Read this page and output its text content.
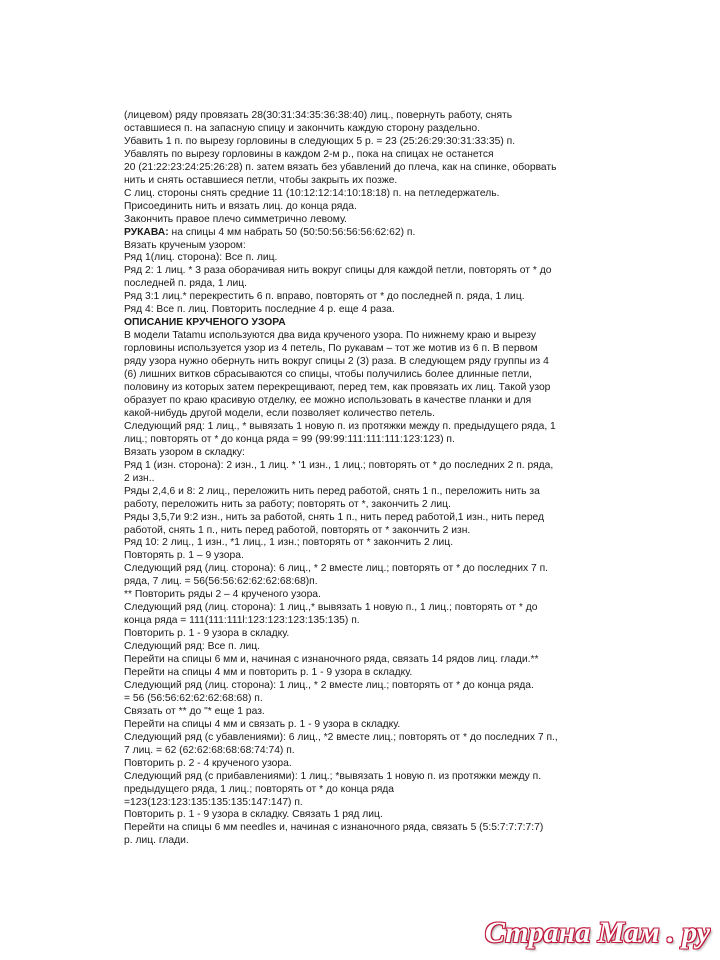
(лицевом) ряду провязать 28(30:31:34:35:36:38:40) лиц., повернуть работу, снять
оставшиеся п. на запасную спицу и закончить каждую сторону раздельно.
Убавить 1 п. по вырезу горловины в следующих 5 р. = 23 (25:26:29:30:31:33:35) п.
Убавлять по вырезу горловины в каждом 2-м р., пока на спицах не останется
20 (21:22:23:24:25:26:28) п. затем вязать без убавлений до плеча, как на спинке, оборвать
нить и снять оставшиеся петли, чтобы закрыть их позже.
С лиц. стороны снять средние 11 (10:12:12:14:10:18:18) п. на петледержатель.
Присоединить нить и вязать лиц. до конца ряда.
Закончить правое плечо симметрично левому.
РУКАВА: на спицы 4 мм набрать 50 (50:50:56:56:56:62:62) п.
Вязать крученым узором:
Ряд 1(лиц. сторона): Все п. лиц.
Ряд 2: 1 лиц. * 3 раза оборачивая нить вокруг спицы для каждой петли, повторять от * до
последней п. ряда, 1 лиц.
Ряд 3:1 лиц.* перекрестить 6 п. вправо, повторять от * до последней п. ряда, 1 лиц.
Ряд 4: Все п. лиц. Повторить последние 4 р. еще 4 раза.
ОПИСАНИЕ КРУЧЕНОГО УЗОРА
В модели Tatamu используются два вида крученого узора. По нижнему краю и вырезу
горловины используется узор из 4 петель, По рукавам – тот же мотив из 6 п. В первом
ряду узора нужно обернуть нить вокруг спицы 2 (3) раза. В следующем ряду группы из 4
(6) лишних витков сбрасываются со спицы, чтобы получились более длинные петли,
половину из которых затем перекрещивают, перед тем, как провязать их лиц. Такой узор
образует по краю красивую отделку, ее можно использовать в качестве планки и для
какой-нибудь другой модели, если позволяет количество петель.
Следующий ряд: 1 лиц., * вывязать 1 новую п. из протяжки между п. предыдущего ряда, 1
лиц.; повторять от * до конца ряда = 99 (99:99:111:111:111:123:123) п.
Вязать узором в складку:
Ряд 1 (изн. сторона): 2 изн., 1 лиц. * '1 изн., 1 лиц.; повторять от * до последних 2 п. ряда,
2 изн..
Ряды 2,4,6 и 8: 2 лиц., переложить нить перед работой, снять 1 п., переложить нить за
работу, переложить нить за работу; повторять от *, закончить 2 лиц.
Ряды 3,5,7и 9:2 изн., нить за работой, снять 1 п., нить перед работой,1 изн., нить перед
работой, снять 1 п., нить перед работой, повторять от * закончить 2 изн.
Ряд 10: 2 лиц., 1 изн., *1 лиц., 1 изн.; повторять от * закончить 2 лиц.
Повторять р. 1 – 9 узора.
Следующий ряд (лиц. сторона): 6 лиц., * 2 вместе лиц.; повторять от * до последних 7 п.
ряда, 7 лиц. = 56(56:56:62:62:62:68:68)п.
** Повторить ряды 2 – 4 крученого узора.
Следующий ряд (лиц. сторона): 1 лиц.,* вывязать 1 новую п., 1 лиц.; повторять от * до
конца ряда = 111(111:111l:123:123:123:135:135) п.
Повторить р. 1 - 9 узора в складку.
Следующий ряд: Все п. лиц.
Перейти на спицы 6 мм и, начиная с изнаночного ряда, связать 14 рядов лиц. глади.**
Перейти на спицы 4 мм и повторить р. 1 - 9 узора в складку.
Следующий ряд (лиц. сторона): 1 лиц., * 2 вместе лиц.; повторять от * до конца ряда.
= 56 (56:56:62:62:62:68:68) п.
Связать от ** до "* еще 1 раз.
Перейти на спицы 4 мм и связать р. 1 - 9 узора в складку.
Следующий ряд (с убавлениями): 6 лиц., *2 вместе лиц.; повторять от * до последних 7 п.,
7 лиц. = 62 (62:62:68:68:68:74:74) п.
Повторить р. 2 - 4 крученого узора.
Следующий ряд (с прибавлениями): 1 лиц.; *вывязать 1 новую п. из протяжки между п.
предыдущего ряда, 1 лиц.; повторять от * до конца ряда
=123(123:123:135:135:135:147:147) п.
Повторить р. 1 - 9 узора в складку. Связать 1 ряд лиц.
Перейти на спицы 6 мм needles и, начиная с изнаночного ряда, связать 5 (5:5:7:7:7:7:7)
р. лиц. глади.
Страна Мам . ру
